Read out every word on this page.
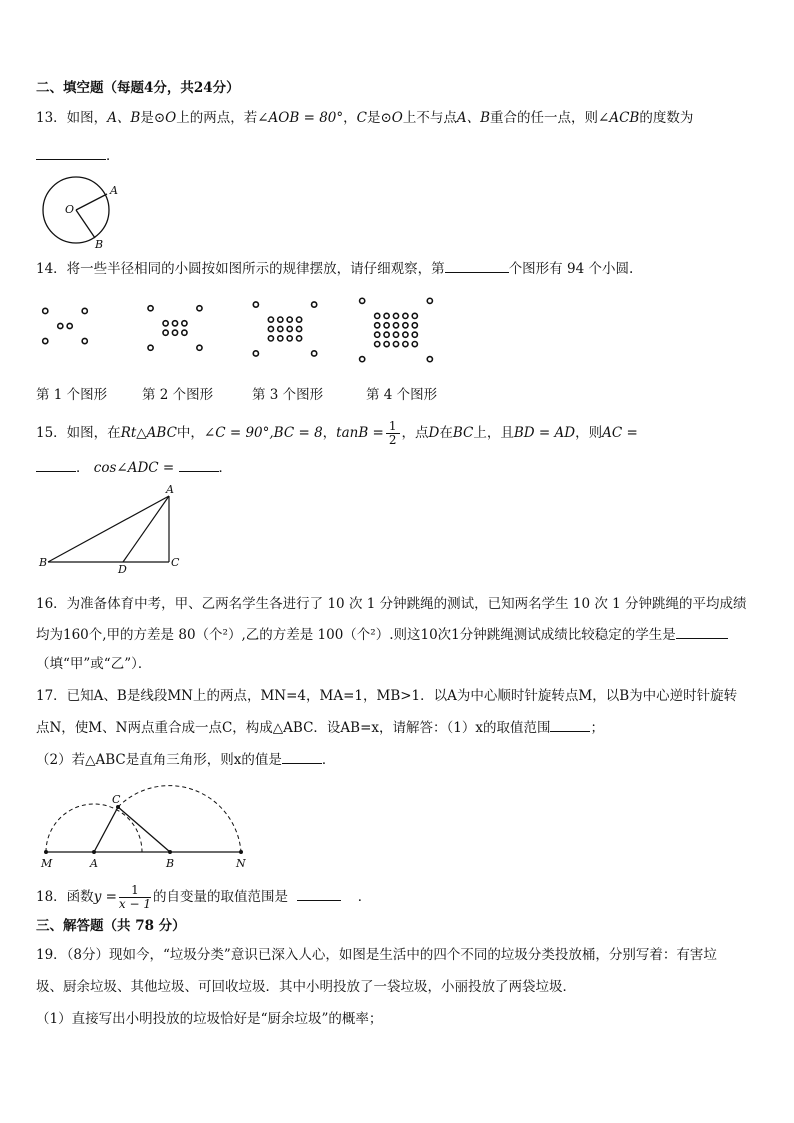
二、填空题（每题4分，共24分）
13．如图，A、B是⊙O上的两点，若∠AOB = 80°，C是⊙O上不与点A、B重合的任一点，则∠ACB的度数为
．
O
A
B
14．将一些半径相同的小圆按如图所示的规律摆放，请仔细观察，第	个图形有 94 个小圆.
第 1 个图形	第 2 个图形	第 3 个图形	第 4 个图形
15．如图，在Rt△ABC中，∠C = 90°,BC = 8，$\tan B = \frac{1}{2}$ ，点D在BC上，且BD = AD，则AC =
． cos∠ADC =	．
A
B
D
C
16．为准备体育中考，甲、乙两名学生各进行了 10 次 1 分钟跳绳的测试，已知两名学生 10 次 1 分钟跳绳的平均成绩
均为160个,甲的方差是 80（个²）,乙的方差是 100（个²）.则这10次1分钟跳绳测试成绩比较稳定的学生是
（填“甲”或“乙”）．
17．已知A、B是线段MN上的两点，MN=4，MA=1，MB>1．以A为中心顺时针旋转点M，以B为中心逆时针旋转
点N，使M、N两点重合成一点C，构成△ABC．设AB=x，请解答：（1）x的取值范围	；
（2）若△ABC是直角三角形，则x的值是	．
M	A	B	N
C
18．函数$y = \frac{1}{x - 1}$ 的自变量的取值范围是	．
三、解答题（共 78 分）
19．（8分）现如今，“垃圾分类”意识已深入人心，如图是生活中的四个不同的垃圾分类投放桶，分别写着：有害垃
圾、厨余垃圾、其他垃圾、可回收垃圾．其中小明投放了一袋垃圾，小丽投放了两袋垃圾．
（1）直接写出小明投放的垃圾恰好是“厨余垃圾”的概率；
